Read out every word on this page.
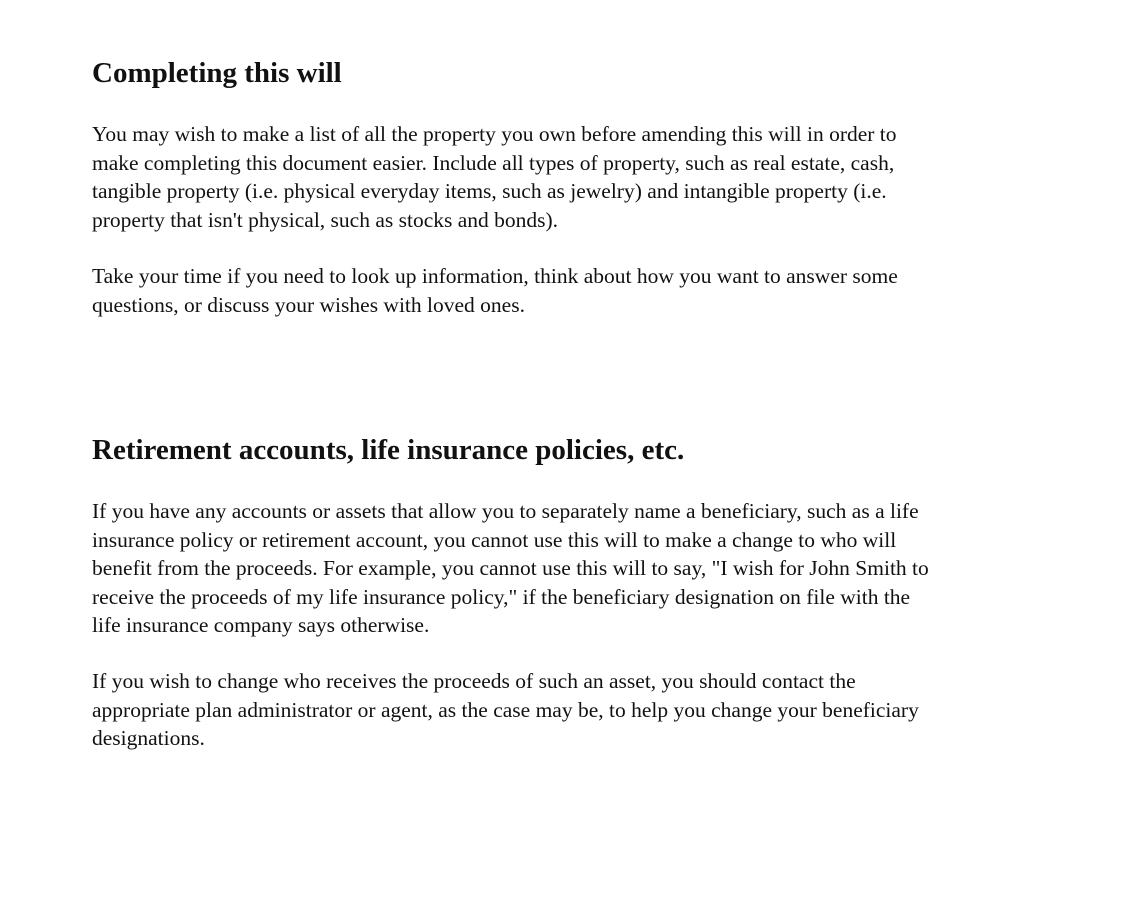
Completing this will

You may wish to make a list of all the property you own before amending this will in order to
make completing this document easier. Include all types of property, such as real estate, cash,
tangible property (i.e. physical everyday items, such as jewelry) and intangible property (i.e.
property that isn't physical, such as stocks and bonds).

Take your time if you need to look up information, think about how you want to answer some
questions, or discuss your wishes with loved ones.

Retirement accounts, life insurance policies, etc.

If you have any accounts or assets that allow you to separately name a beneficiary, such as a life
insurance policy or retirement account, you cannot use this will to make a change to who will
benefit from the proceeds. For example, you cannot use this will to say, "I wish for John Smith to
receive the proceeds of my life insurance policy," if the beneficiary designation on file with the
life insurance company says otherwise.

If you wish to change who receives the proceeds of such an asset, you should contact the
appropriate plan administrator or agent, as the case may be, to help you change your beneficiary
designations.
